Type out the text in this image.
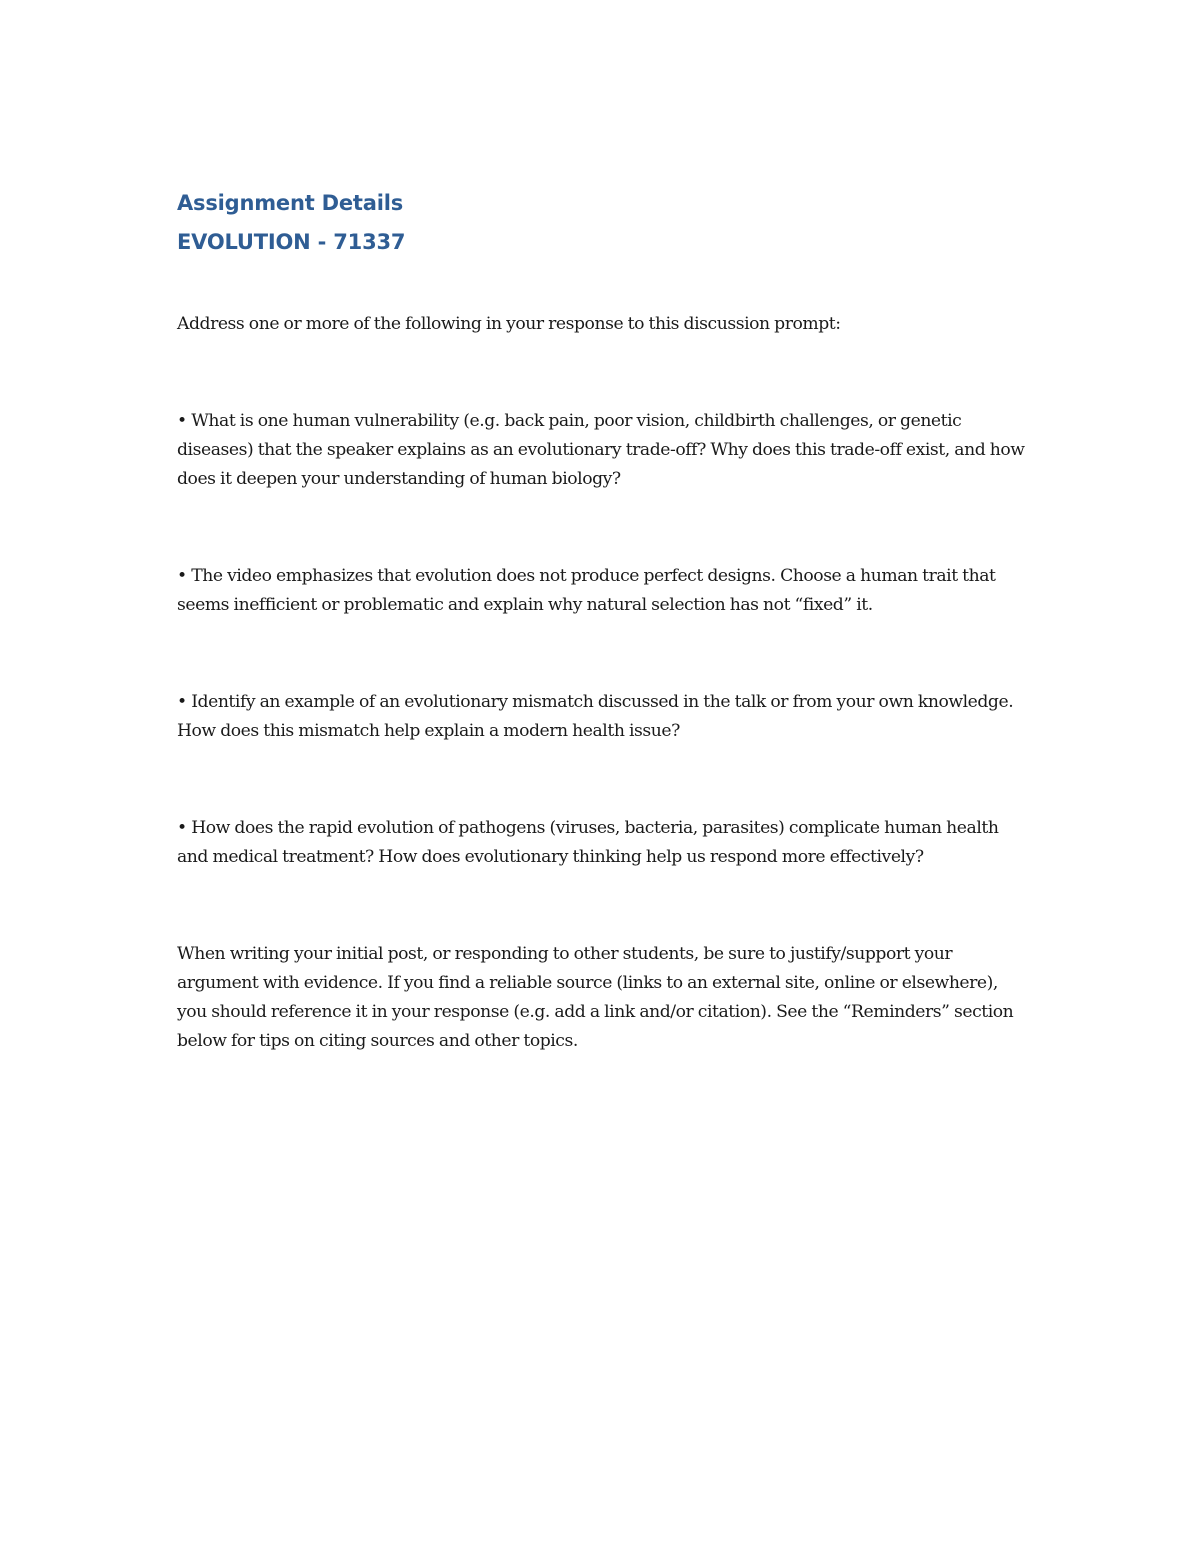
Assignment Details
EVOLUTION - 71337

Address one or more of the following in your response to this discussion prompt:

• What is one human vulnerability (e.g. back pain, poor vision, childbirth challenges, or genetic diseases) that the speaker explains as an evolutionary trade-off? Why does this trade-off exist, and how does it deepen your understanding of human biology?

• The video emphasizes that evolution does not produce perfect designs. Choose a human trait that seems inefficient or problematic and explain why natural selection has not “fixed” it.

• Identify an example of an evolutionary mismatch discussed in the talk or from your own knowledge. How does this mismatch help explain a modern health issue?

• How does the rapid evolution of pathogens (viruses, bacteria, parasites) complicate human health and medical treatment? How does evolutionary thinking help us respond more effectively?

When writing your initial post, or responding to other students, be sure to justify/support your argument with evidence. If you find a reliable source (links to an external site, online or elsewhere), you should reference it in your response (e.g. add a link and/or citation). See the “Reminders” section below for tips on citing sources and other topics.
